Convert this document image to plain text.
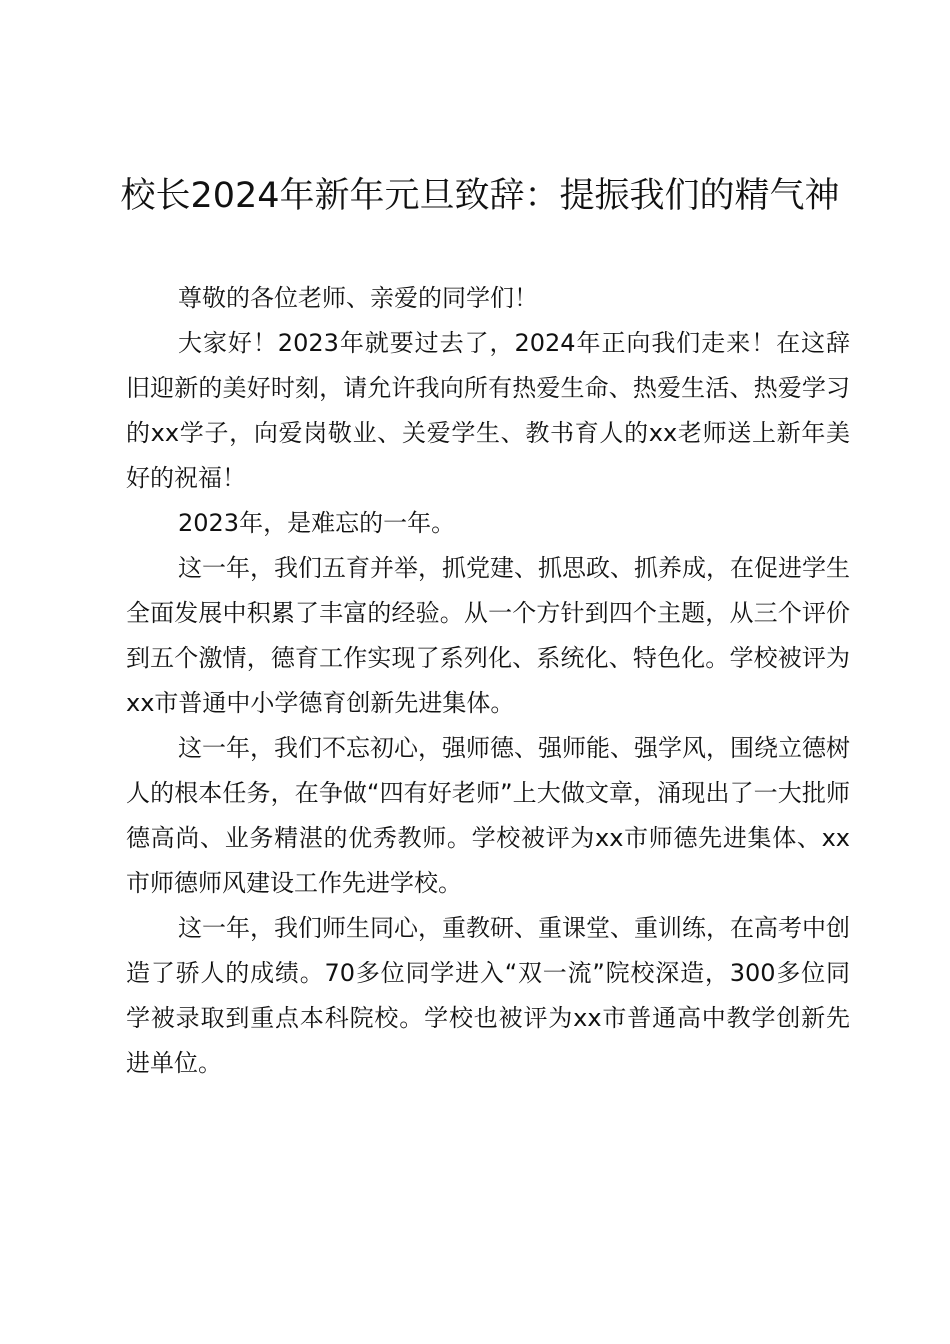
校长2024年新年元旦致辞：提振我们的精气神

尊敬的各位老师、亲爱的同学们！

大家好！2023年就要过去了，2024年正向我们走来！在这辞旧迎新的美好时刻，请允许我向所有热爱生命、热爱生活、热爱学习的xx学子，向爱岗敬业、关爱学生、教书育人的xx老师送上新年美好的祝福！

2023年，是难忘的一年。

这一年，我们五育并举，抓党建、抓思政、抓养成，在促进学生全面发展中积累了丰富的经验。从一个方针到四个主题，从三个评价到五个激情，德育工作实现了系列化、系统化、特色化。学校被评为xx市普通中小学德育创新先进集体。

这一年，我们不忘初心，强师德、强师能、强学风，围绕立德树人的根本任务，在争做“四有好老师”上大做文章，涌现出了一大批师德高尚、业务精湛的优秀教师。学校被评为xx市师德先进集体、xx市师德师风建设工作先进学校。

这一年，我们师生同心，重教研、重课堂、重训练，在高考中创造了骄人的成绩。70多位同学进入“双一流”院校深造，300多位同学被录取到重点本科院校。学校也被评为xx市普通高中教学创新先进单位。
